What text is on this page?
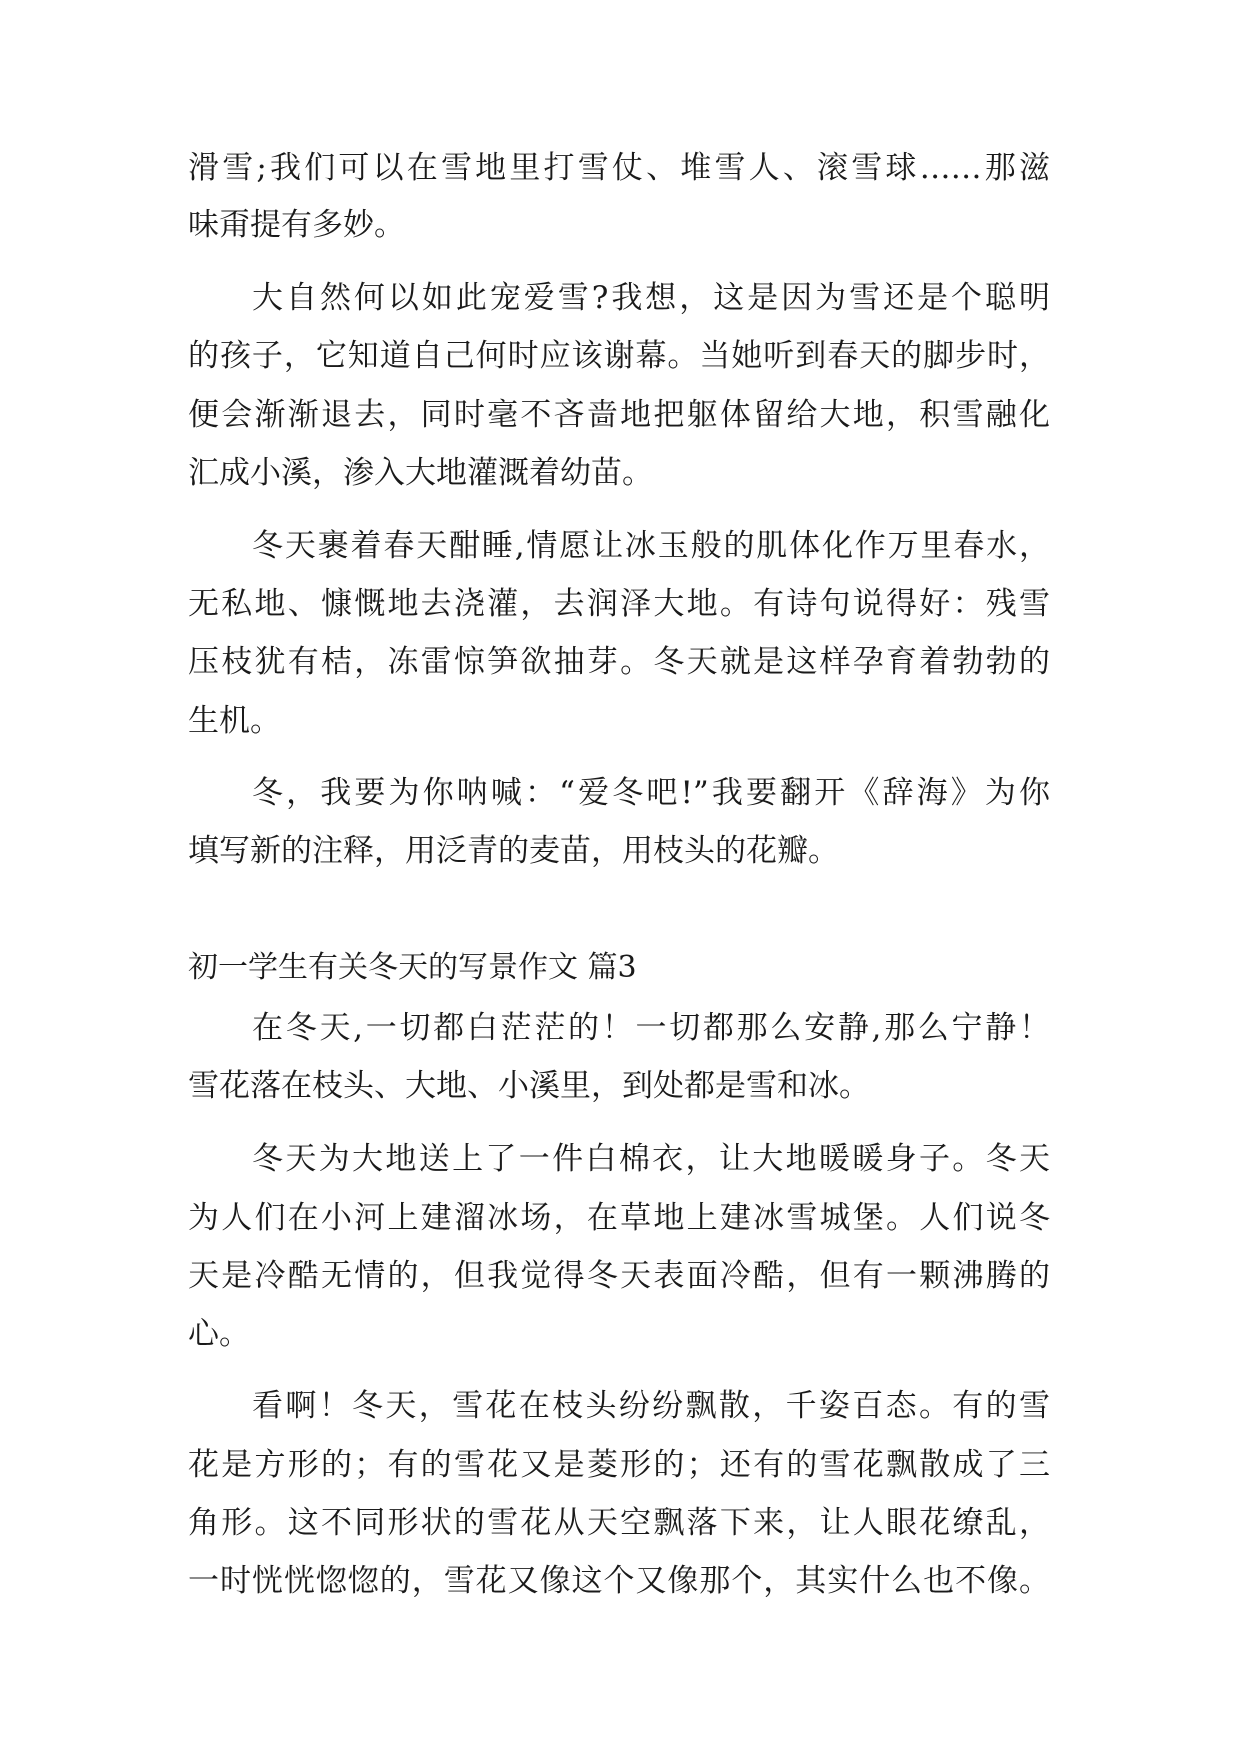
滑雪;我们可以在雪地里打雪仗、堆雪人、滚雪球……那滋
味甭提有多妙。
大自然何以如此宠爱雪?我想，这是因为雪还是个聪明
的孩子，它知道自己何时应该谢幕。当她听到春天的脚步时，
便会渐渐退去，同时毫不吝啬地把躯体留给大地，积雪融化
汇成小溪，渗入大地灌溉着幼苗。
冬天裹着春天酣睡,情愿让冰玉般的肌体化作万里春水，
无私地、慷慨地去浇灌，去润泽大地。有诗句说得好：残雪
压枝犹有桔，冻雷惊笋欲抽芽。冬天就是这样孕育着勃勃的
生机。
冬，我要为你呐喊：“爱冬吧!”我要翻开《辞海》为你
填写新的注释，用泛青的麦苗，用枝头的花瓣。
初一学生有关冬天的写景作文 篇3
在冬天,一切都白茫茫的！一切都那么安静,那么宁静！
雪花落在枝头、大地、小溪里，到处都是雪和冰。
冬天为大地送上了一件白棉衣，让大地暖暖身子。冬天
为人们在小河上建溜冰场，在草地上建冰雪城堡。人们说冬
天是冷酷无情的，但我觉得冬天表面冷酷，但有一颗沸腾的
心。
看啊！冬天，雪花在枝头纷纷飘散，千姿百态。有的雪
花是方形的；有的雪花又是菱形的；还有的雪花飘散成了三
角形。这不同形状的雪花从天空飘落下来，让人眼花缭乱，
一时恍恍惚惚的，雪花又像这个又像那个，其实什么也不像。
